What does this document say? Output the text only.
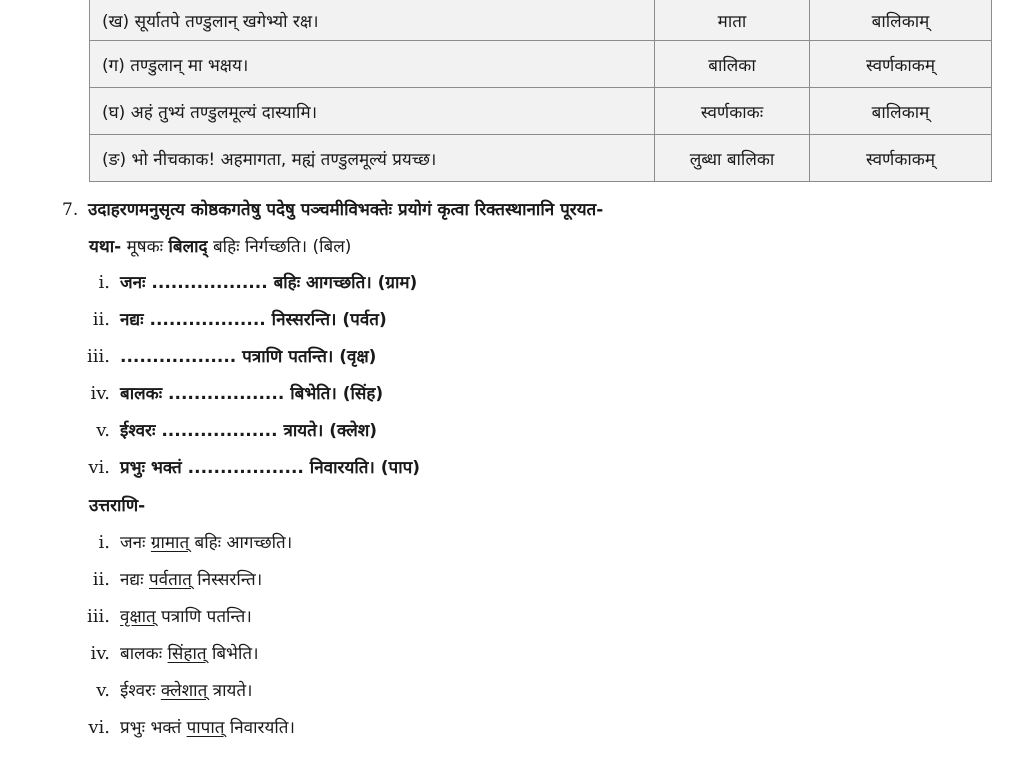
(ख) सूर्यातपे तण्डुलान् खगेभ्यो रक्ष।	माता	बालिकाम्
(ग) तण्डुलान् मा भक्षय।	बालिका	स्वर्णकाकम्
(घ) अहं तुभ्यं तण्डुलमूल्यं दास्यामि।	स्वर्णकाकः	बालिकाम्
(ङ) भो नीचकाक! अहमागता, मह्यं तण्डुलमूल्यं प्रयच्छ।	लुब्धा बालिका	स्वर्णकाकम्
7. उदाहरणमनुसृत्य कोष्ठकगतेषु पदेषु पञ्चमीविभक्तेः प्रयोगं कृत्वा रिक्तस्थानानि पूरयत-
यथा- मूषकः बिलाद् बहिः निर्गच्छति। (बिल)
i. जनः .................. बहिः आगच्छति। (ग्राम)
ii. नद्यः .................. निस्सरन्ति। (पर्वत)
iii. .................. पत्राणि पतन्ति। (वृक्ष)
iv. बालकः .................. बिभेति। (सिंह)
v. ईश्वरः .................. त्रायते। (क्लेश)
vi. प्रभुः भक्तं .................. निवारयति। (पाप)
उत्तराणि-
i. जनः ग्रामात् बहिः आगच्छति।
ii. नद्यः पर्वतात् निस्सरन्ति।
iii. वृक्षात् पत्राणि पतन्ति।
iv. बालकः सिंहात् बिभेति।
v. ईश्वरः क्लेशात् त्रायते।
vi. प्रभुः भक्तं पापात् निवारयति।
